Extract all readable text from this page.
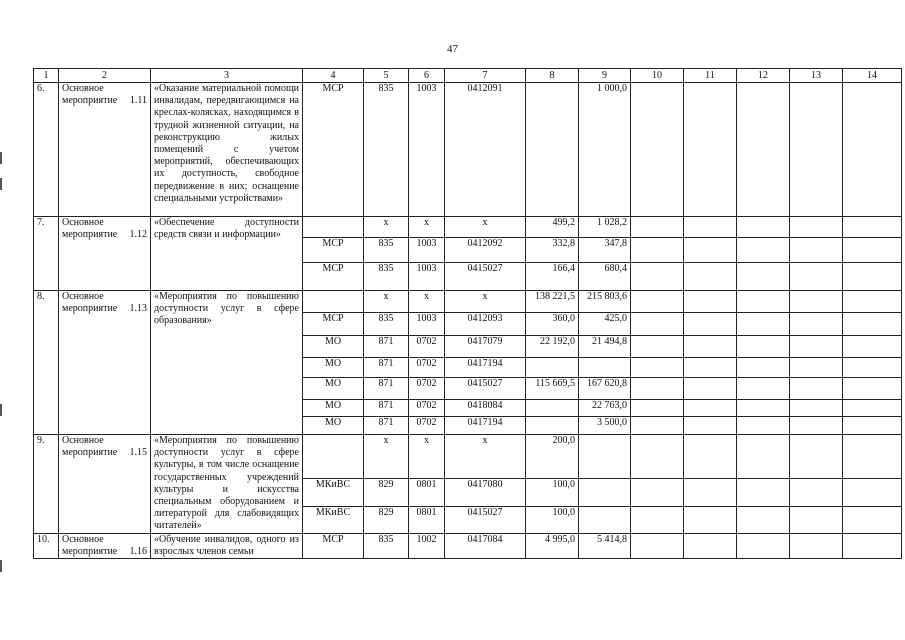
47
1	2	3	4	5	6	7	8	9	10	11	12	13	14
6.	Основное мероприятие 1.11	«Оказание материальной помощи инвалидам, передвигающимся на креслах-колясках, находящимся в трудной жизненной ситуации, на реконструкцию жилых помещений с учетом мероприятий, обеспечивающих их доступность, свободное передвижение в них; оснащение специальными устройствами»	МСР	835	1003	0412091		1 000,0					
7.	Основное мероприятие 1.12	«Обеспечение доступности средств связи и информации»		х	х	х	499,2	1 028,2					
			МСР	835	1003	0412092	332,8	347,8					
			МСР	835	1003	0415027	166,4	680,4					
8.	Основное мероприятие 1.13	«Мероприятия по повышению доступности услуг в сфере образования»		х	х	х	138 221,5	215 803,6					
			МСР	835	1003	0412093	360,0	425,0					
			МО	871	0702	0417079	22 192,0	21 494,8					
			МО	871	0702	0417194							
			МО	871	0702	0415027	115 669,5	167 620,8					
			МО	871	0702	0418084		22 763,0					
			МО	871	0702	0417194		3 500,0					
9.	Основное мероприятие 1.15	«Мероприятия по повышению доступности услуг в сфере культуры, в том числе оснащение государственных учреждений культуры и искусства специальным оборудованием и литературой для слабовидящих читателей»		х	х	х	200,0						
			МКиВС	829	0801	0417080	100,0						
			МКиВС	829	0801	0415027	100,0						
10.	Основное мероприятие 1.16	«Обучение инвалидов, одного из взрослых членов семьи	МСР	835	1002	0417084	4 995,0	5 414,8					
